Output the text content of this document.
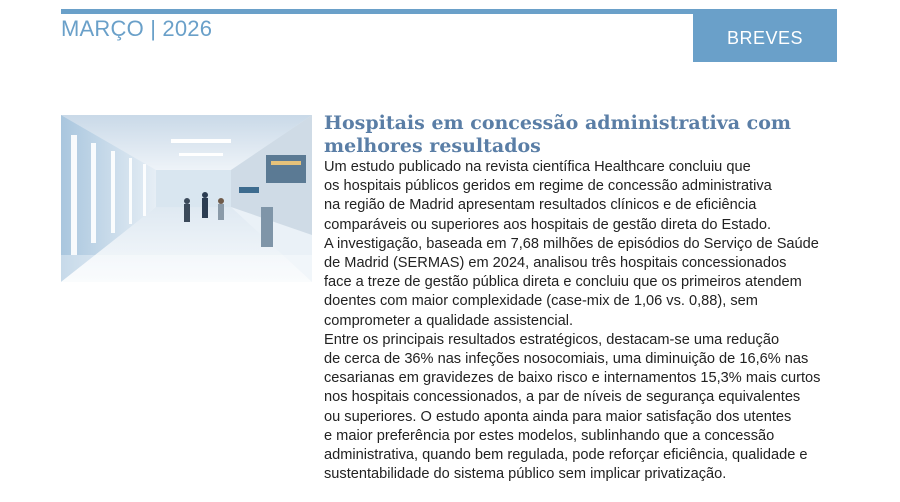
MARÇO | 2026	BREVES
Hospitais em concessão administrativa com
melhores resultados

Um estudo publicado na revista científica Healthcare concluiu que
os hospitais públicos geridos em regime de concessão administrativa
na região de Madrid apresentam resultados clínicos e de eficiência
comparáveis ou superiores aos hospitais de gestão direta do Estado.

A investigação, baseada em 7,68 milhões de episódios do Serviço de Saúde
de Madrid (SERMAS) em 2024, analisou três hospitais concessionados
face a treze de gestão pública direta e concluiu que os primeiros atendem
doentes com maior complexidade (case-mix de 1,06 vs. 0,88), sem
comprometer a qualidade assistencial.

Entre os principais resultados estratégicos, destacam-se uma redução
de cerca de 36% nas infeções nosocomiais, uma diminuição de 16,6% nas
cesarianas em gravidezes de baixo risco e internamentos 15,3% mais curtos
nos hospitais concessionados, a par de níveis de segurança equivalentes
ou superiores. O estudo aponta ainda para maior satisfação dos utentes
e maior preferência por estes modelos, sublinhando que a concessão
administrativa, quando bem regulada, pode reforçar eficiência, qualidade e
sustentabilidade do sistema público sem implicar privatização.
